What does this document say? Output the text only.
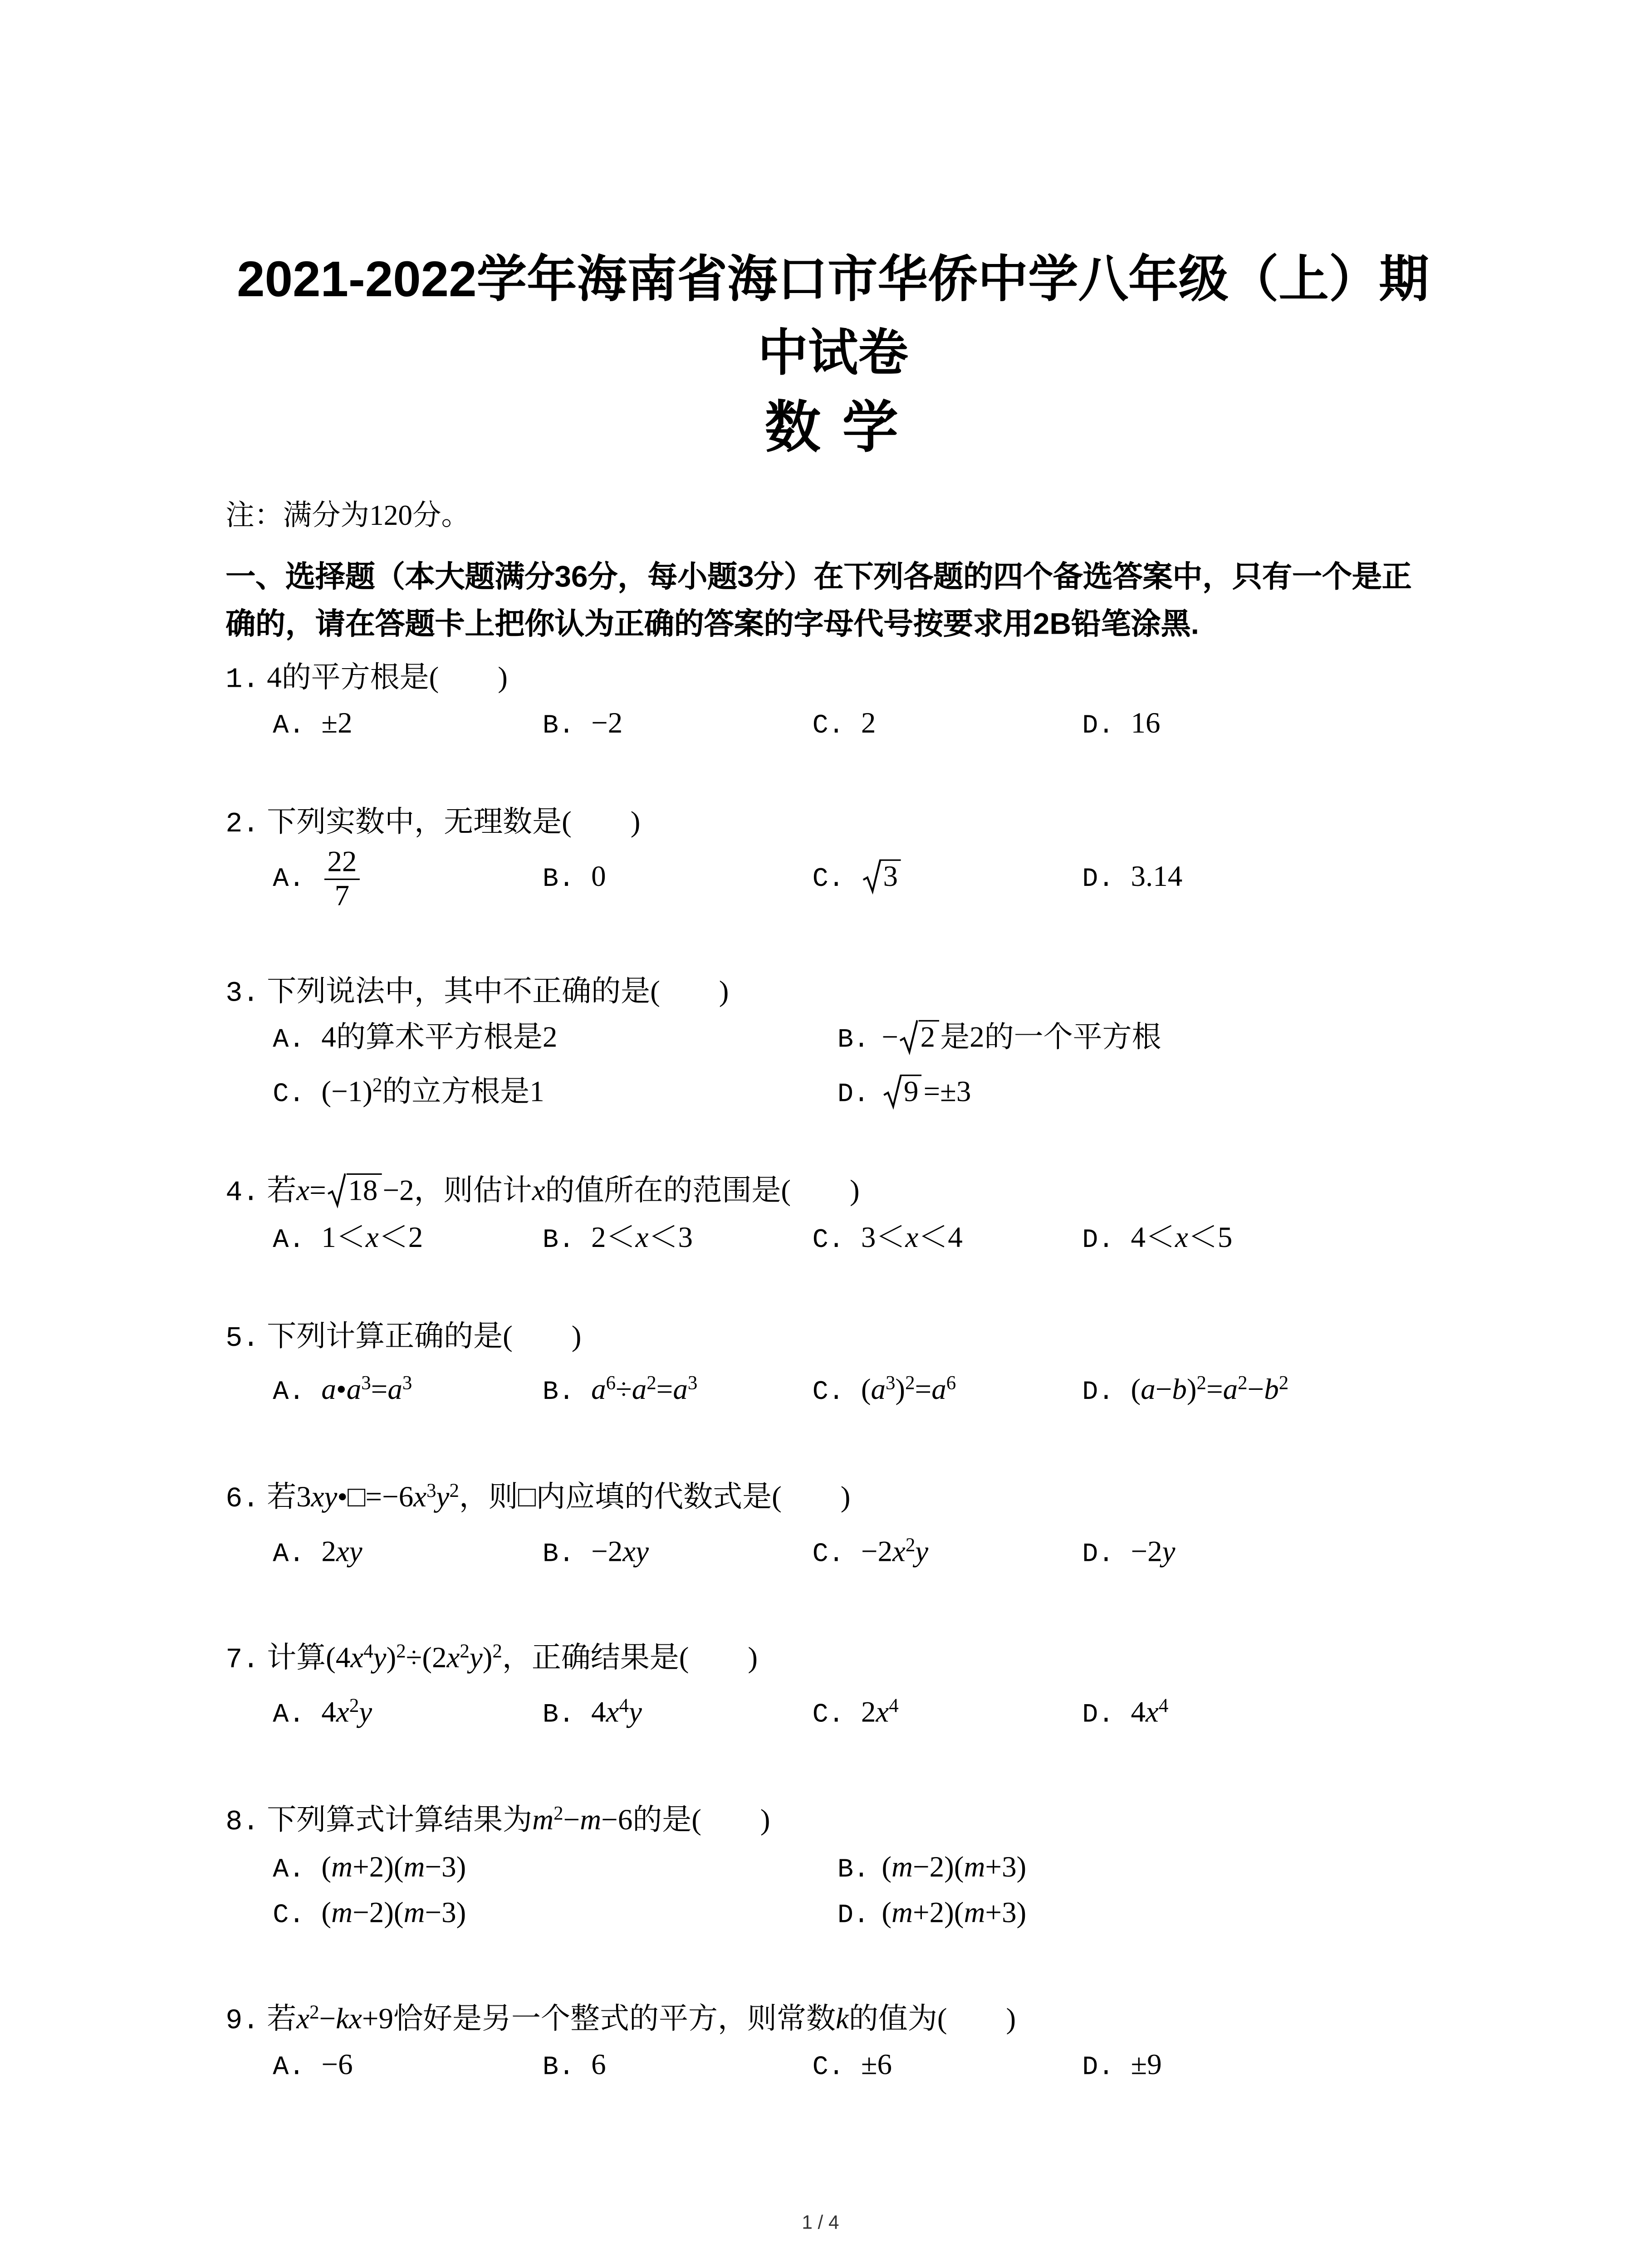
2021-2022学年海南省海口市华侨中学八年级（上）期中试卷
数 学
注：满分为120分。

一、选择题（本大题满分36分，每小题3分）在下列各题的四个备选答案中，只有一个是正确的，请在答题卡上把你认为正确的答案的字母代号按要求用2B铅笔涂黑.

1. 4的平方根是(　　)
A. ±2	B. −2	C. 2	D. 16
2. 下列实数中，无理数是(　　)
A. $\frac{22}{7}$	B. 0	C.	3	D. 3.14
3. 下列说法中，其中不正确的是(　　)
A. 4的算术平方根是2	B. − 2 是2的一个平方根
C. $(-1)^2$的立方根是1	D.	9 =±3
4. 若x= 18 −2，则估计x的值所在的范围是(　　)
A. 1＜x＜2	B. 2＜x＜3	C. 3＜x＜4	D. 4＜x＜5
5. 下列计算正确的是(　　)
A. $a•a^3=a^3$	B. $a^6\div a^2=a^3$	C. $(a^3)^2=a^6$	D. $(a-b)^2=a^2-b^2$
6. 若$3xy•□=-6x^3y^2$，则□内应填的代数式是(　　)
A. 2xy	B. −2xy	C. $-2x^2y$	D. −2y
7. 计算$(4x^4y)^2\div(2x^2y)^2$，正确结果是(　　)
A. $4x^2y$	B. $4x^4y$	C. $2x^4$	D. $4x^4$
8. 下列算式计算结果为$m^2-m-6$的是(　　)
A. (m+2)(m−3)	B. (m−2)(m+3)
C. (m−2)(m−3)	D. (m+2)(m+3)
9. 若$x^2-kx+9$恰好是另一个整式的平方，则常数k的值为(　　)
A. −6	B. 6	C. ±6	D. ±9
1 / 4
